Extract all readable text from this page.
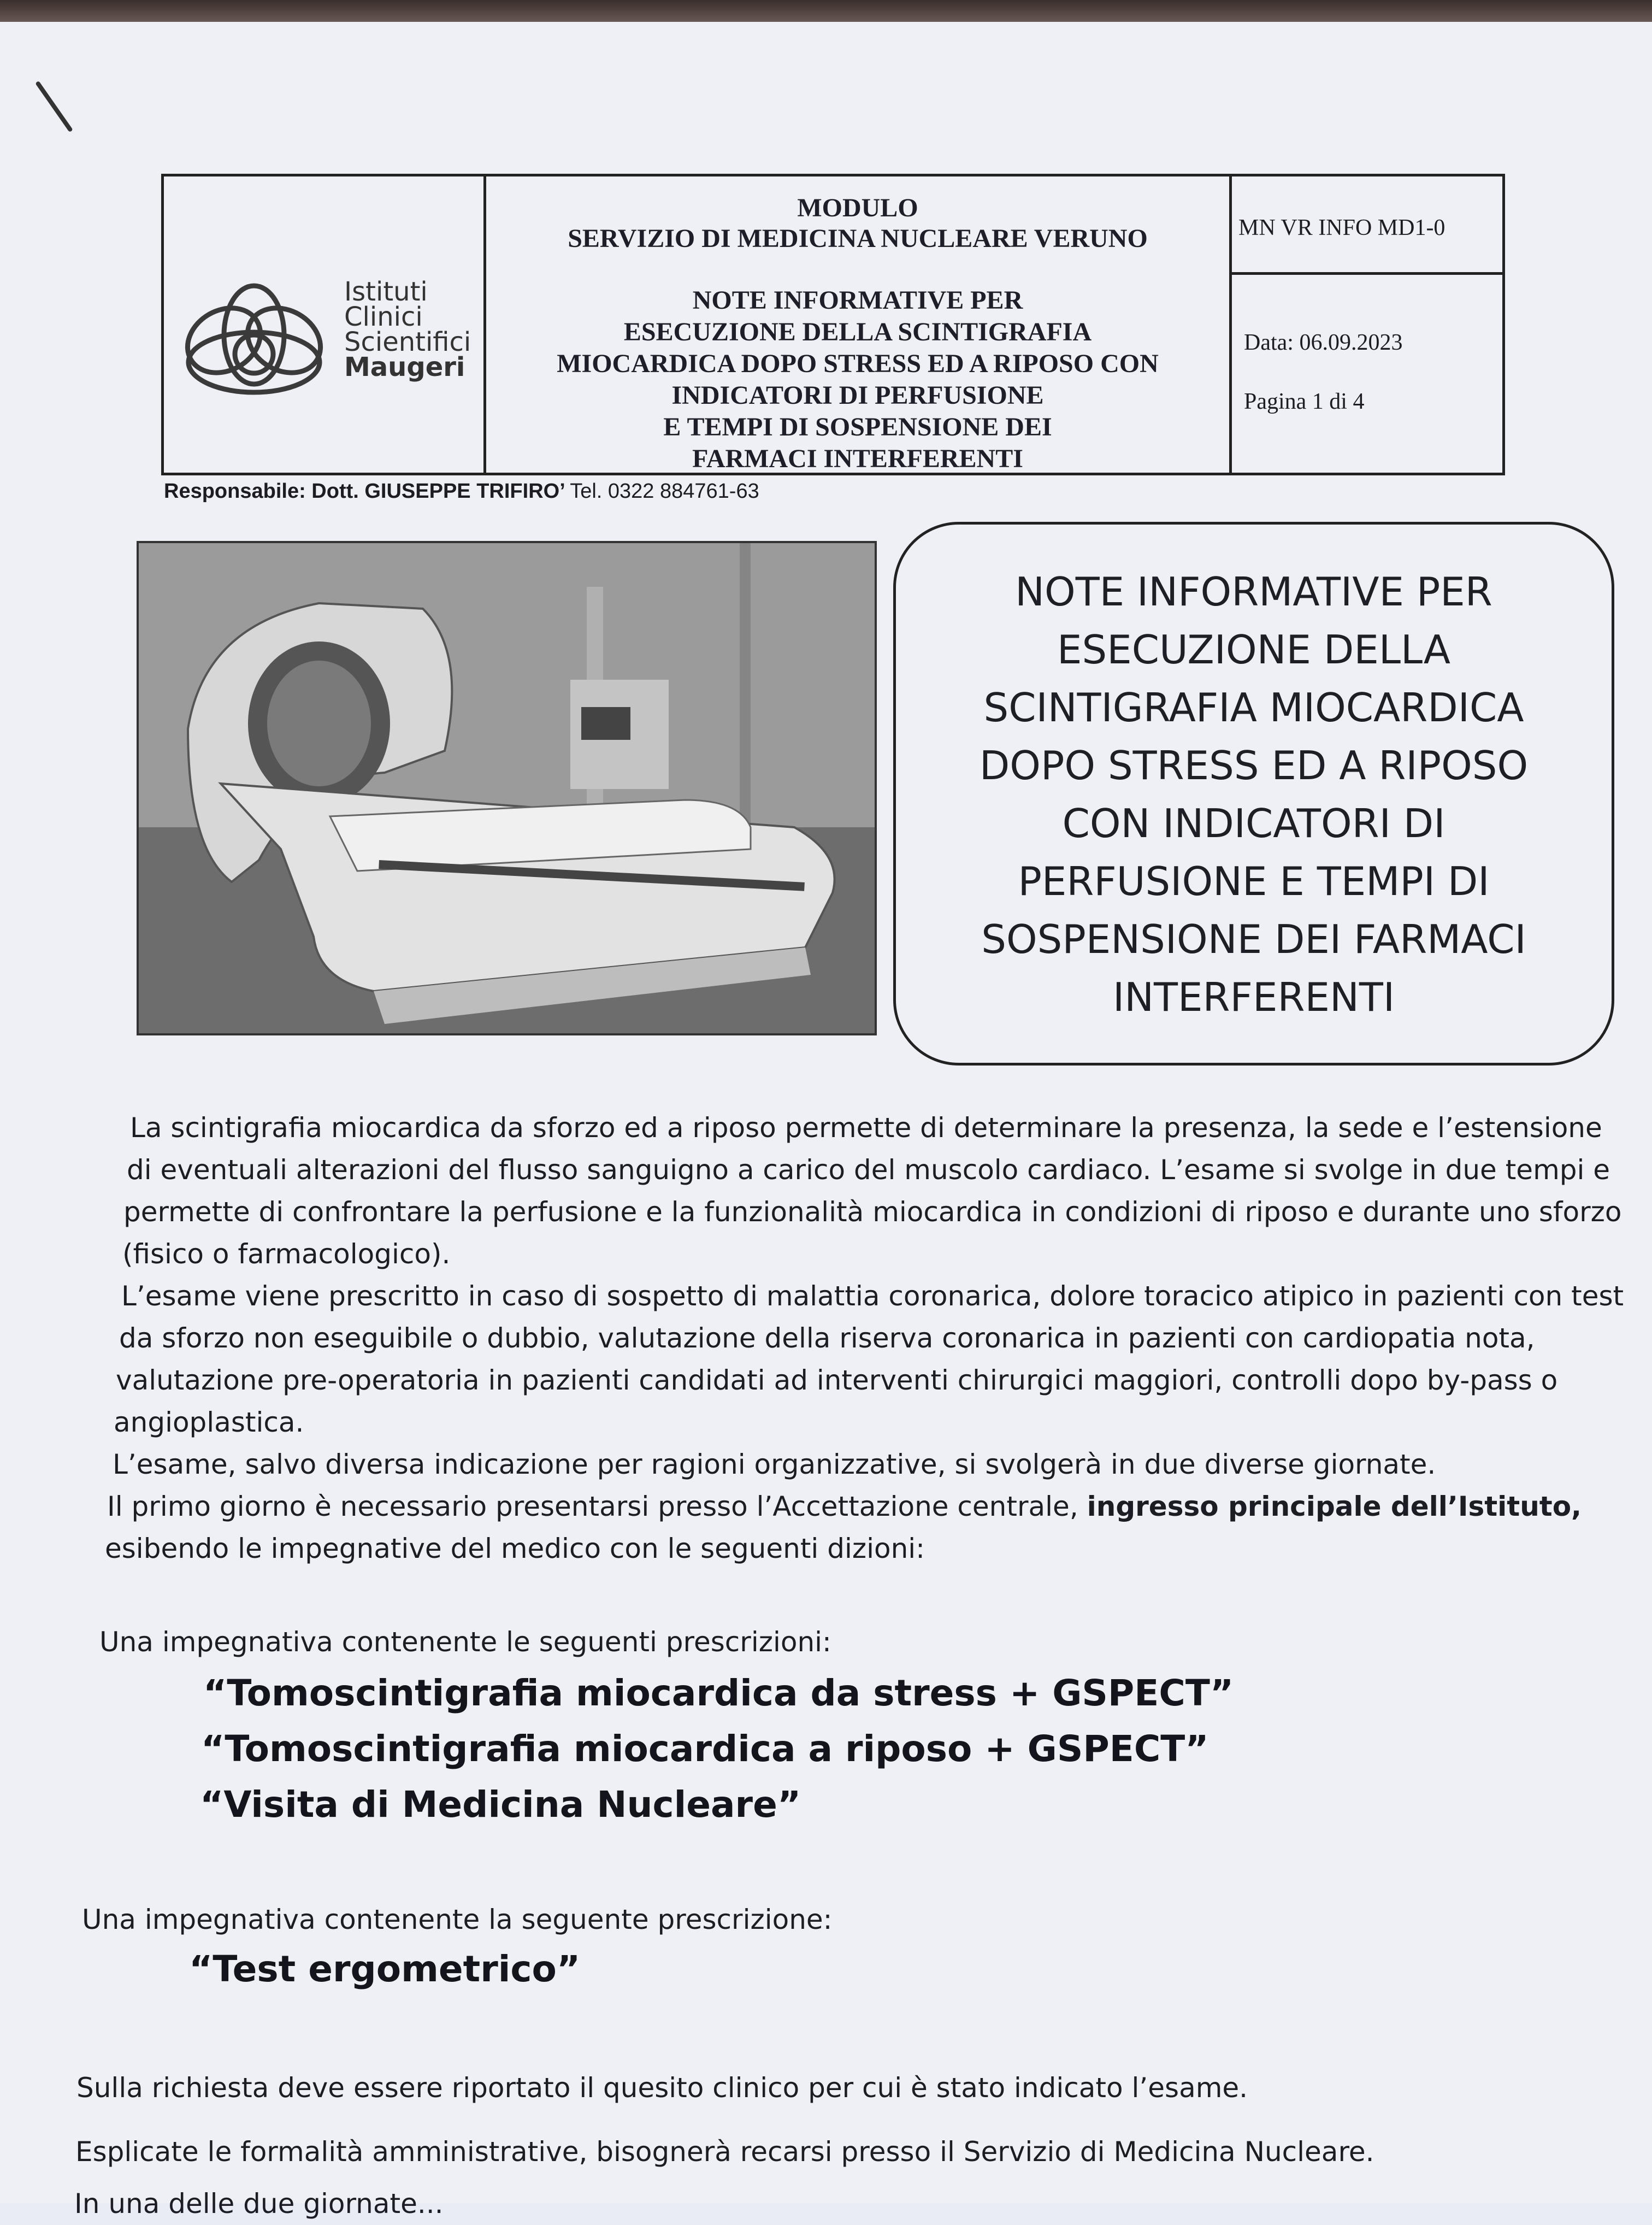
Istituti
Clinici
Scientifici
Maugeri
MODULO
SERVIZIO DI MEDICINA NUCLEARE VERUNO
NOTE INFORMATIVE PER
ESECUZIONE DELLA SCINTIGRAFIA
MIOCARDICA DOPO STRESS ED A RIPOSO CON
INDICATORI DI PERFUSIONE
E TEMPI DI SOSPENSIONE DEI
FARMACI INTERFERENTI
MN VR INFO MD1-0
Data: 06.09.2023
Pagina 1 di 4
Responsabile: Dott. GIUSEPPE TRIFIRO’ Tel. 0322 884761-63
NOTE INFORMATIVE PER
ESECUZIONE DELLA
SCINTIGRAFIA MIOCARDICA
DOPO STRESS ED A RIPOSO
CON INDICATORI DI
PERFUSIONE E TEMPI DI
SOSPENSIONE DEI FARMACI
INTERFERENTI
La scintigrafia miocardica da sforzo ed a riposo permette di determinare la presenza, la sede e l’estensione
di eventuali alterazioni del flusso sanguigno a carico del muscolo cardiaco. L’esame si svolge in due tempi e
permette di confrontare la perfusione e la funzionalità miocardica in condizioni di riposo e durante uno sforzo
(fisico o farmacologico).
L’esame viene prescritto in caso di sospetto di malattia coronarica, dolore toracico atipico in pazienti con test
da sforzo non eseguibile o dubbio, valutazione della riserva coronarica in pazienti con cardiopatia nota,
valutazione pre-operatoria in pazienti candidati ad interventi chirurgici maggiori, controlli dopo by-pass o
angioplastica.
L’esame, salvo diversa indicazione per ragioni organizzative, si svolgerà in due diverse giornate.
Il primo giorno è necessario presentarsi presso l’Accettazione centrale, ingresso principale dell’Istituto,
esibendo le impegnative del medico con le seguenti dizioni:
Una impegnativa contenente le seguenti prescrizioni:
“Tomoscintigrafia miocardica da stress + GSPECT”
“Tomoscintigrafia miocardica a riposo + GSPECT”
“Visita di Medicina Nucleare”
Una impegnativa contenente la seguente prescrizione:
“Test ergometrico”
Sulla richiesta deve essere riportato il quesito clinico per cui è stato indicato l’esame.
Esplicate le formalità amministrative, bisognerà recarsi presso il Servizio di Medicina Nucleare.
In una delle due giornate...
